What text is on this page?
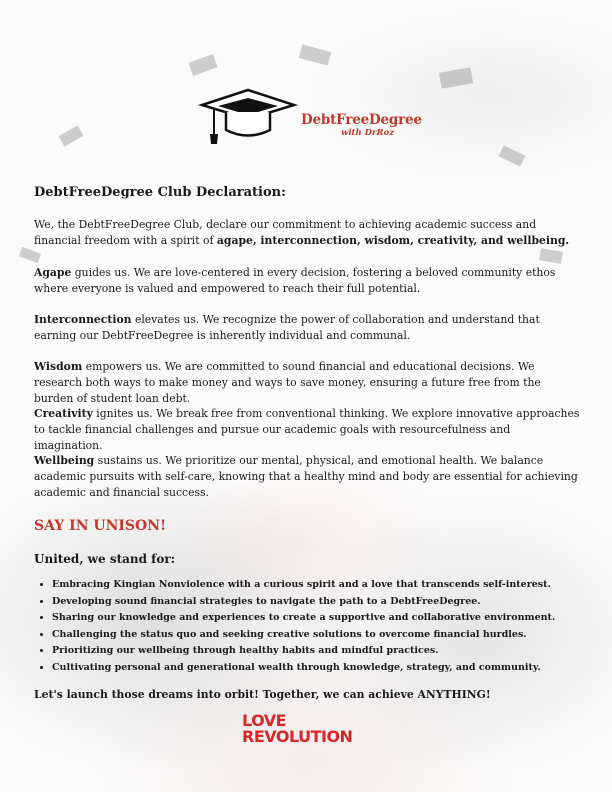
DebtFreeDegree
with DrRoz
DebtFreeDegree Club Declaration:

We, the DebtFreeDegree Club, declare our commitment to achieving academic success and financial freedom with a spirit of agape, interconnection, wisdom, creativity, and wellbeing.

Agape guides us. We are love-centered in every decision, fostering a beloved community ethos where everyone is valued and empowered to reach their full potential.

Interconnection elevates us. We recognize the power of collaboration and understand that earning our DebtFreeDegree is inherently individual and communal.

Wisdom empowers us. We are committed to sound financial and educational decisions. We research both ways to make money and ways to save money, ensuring a future free from the burden of student loan debt.

Creativity ignites us. We break free from conventional thinking. We explore innovative approaches to tackle financial challenges and pursue our academic goals with resourcefulness and imagination.

Wellbeing sustains us. We prioritize our mental, physical, and emotional health. We balance academic pursuits with self-care, knowing that a healthy mind and body are essential for achieving academic and financial success.

SAY IN UNISON!
United, we stand for:
• Embracing Kingian Nonviolence with a curious spirit and a love that transcends self-interest.
• Developing sound financial strategies to navigate the path to a DebtFreeDegree.
• Sharing our knowledge and experiences to create a supportive and collaborative environment.
• Challenging the status quo and seeking creative solutions to overcome financial hurdles.
• Prioritizing our wellbeing through healthy habits and mindful practices.
• Cultivating personal and generational wealth through knowledge, strategy, and community.

Let's launch those dreams into orbit! Together, we can achieve ANYTHING!

LOVE
REVOLUTION
